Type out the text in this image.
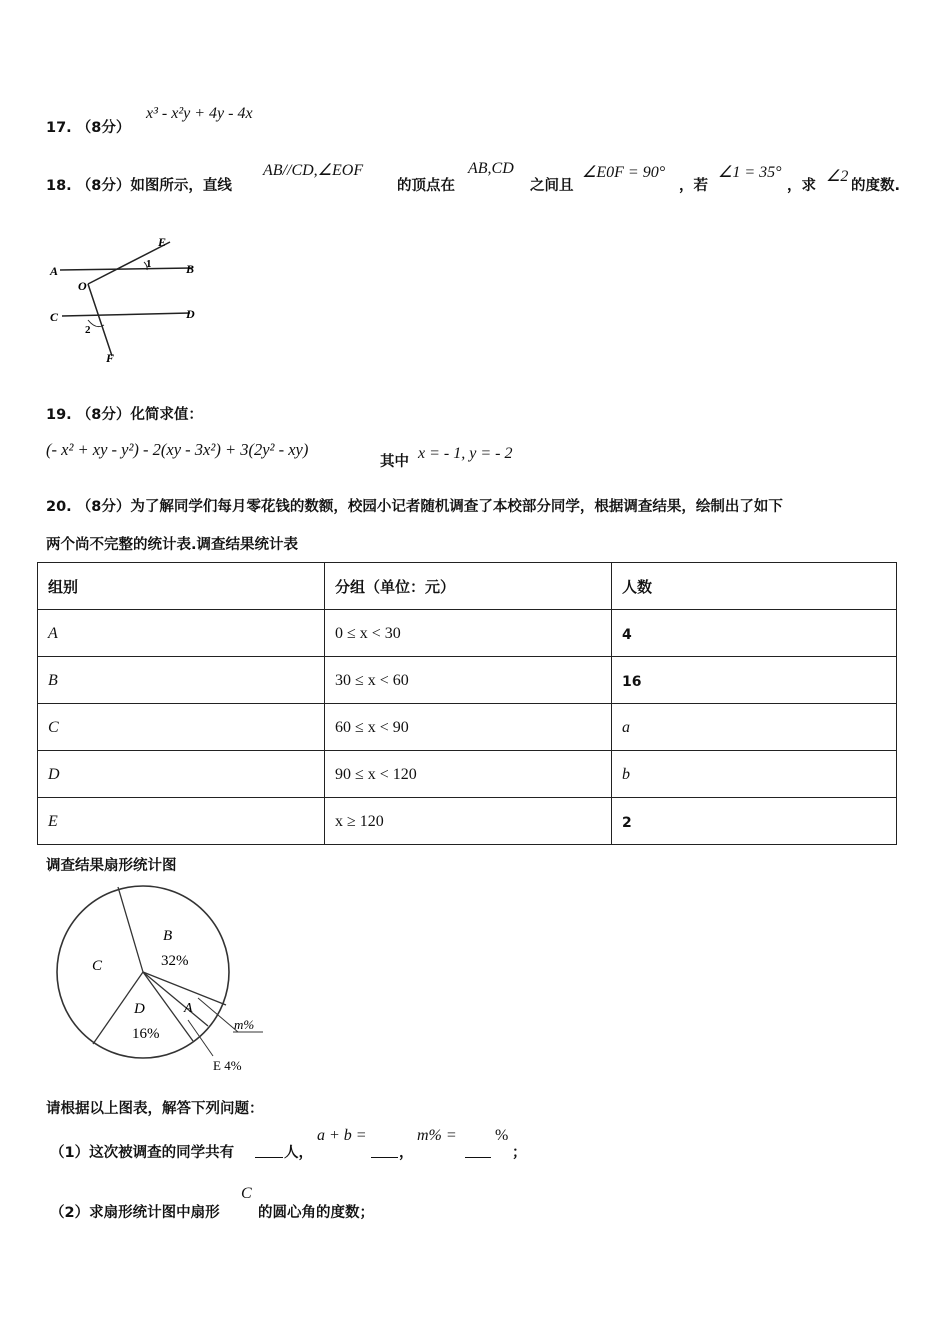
17. （8分）
x³ - x²y + 4y - 4x
18. （8分）如图所示，直线
AB//CD,∠EOF
的顶点在
AB,CD
之间且
∠E0F = 90°
，若
∠1 = 35°
，求
∠2
的度数.
A	B
C	D
E
F
O
1
2
19. （8分）化简求值：
(- x² + xy - y²) - 2(xy - 3x²) + 3(2y² - xy)
其中 x = - 1, y = - 2
20. （8分）为了解同学们每月零花钱的数额，校园小记者随机调查了本校部分同学，根据调查结果，绘制出了如下
两个尚不完整的统计表.调查结果统计表
组别	分组（单位：元）	人数
A	0 ≤ x < 30	4
B	30 ≤ x < 60	16
C	60 ≤ x < 90	a
D	90 ≤ x < 120	b
E	x ≥ 120	2
调查结果扇形统计图
B
32%
C
D
16%
A
m%
E 4%
请根据以上图表，解答下列问题：
（1）这次被调查的同学共有	人，
a + b =
，
m% = %
；
（2）求扇形统计图中扇形
C
的圆心角的度数；
